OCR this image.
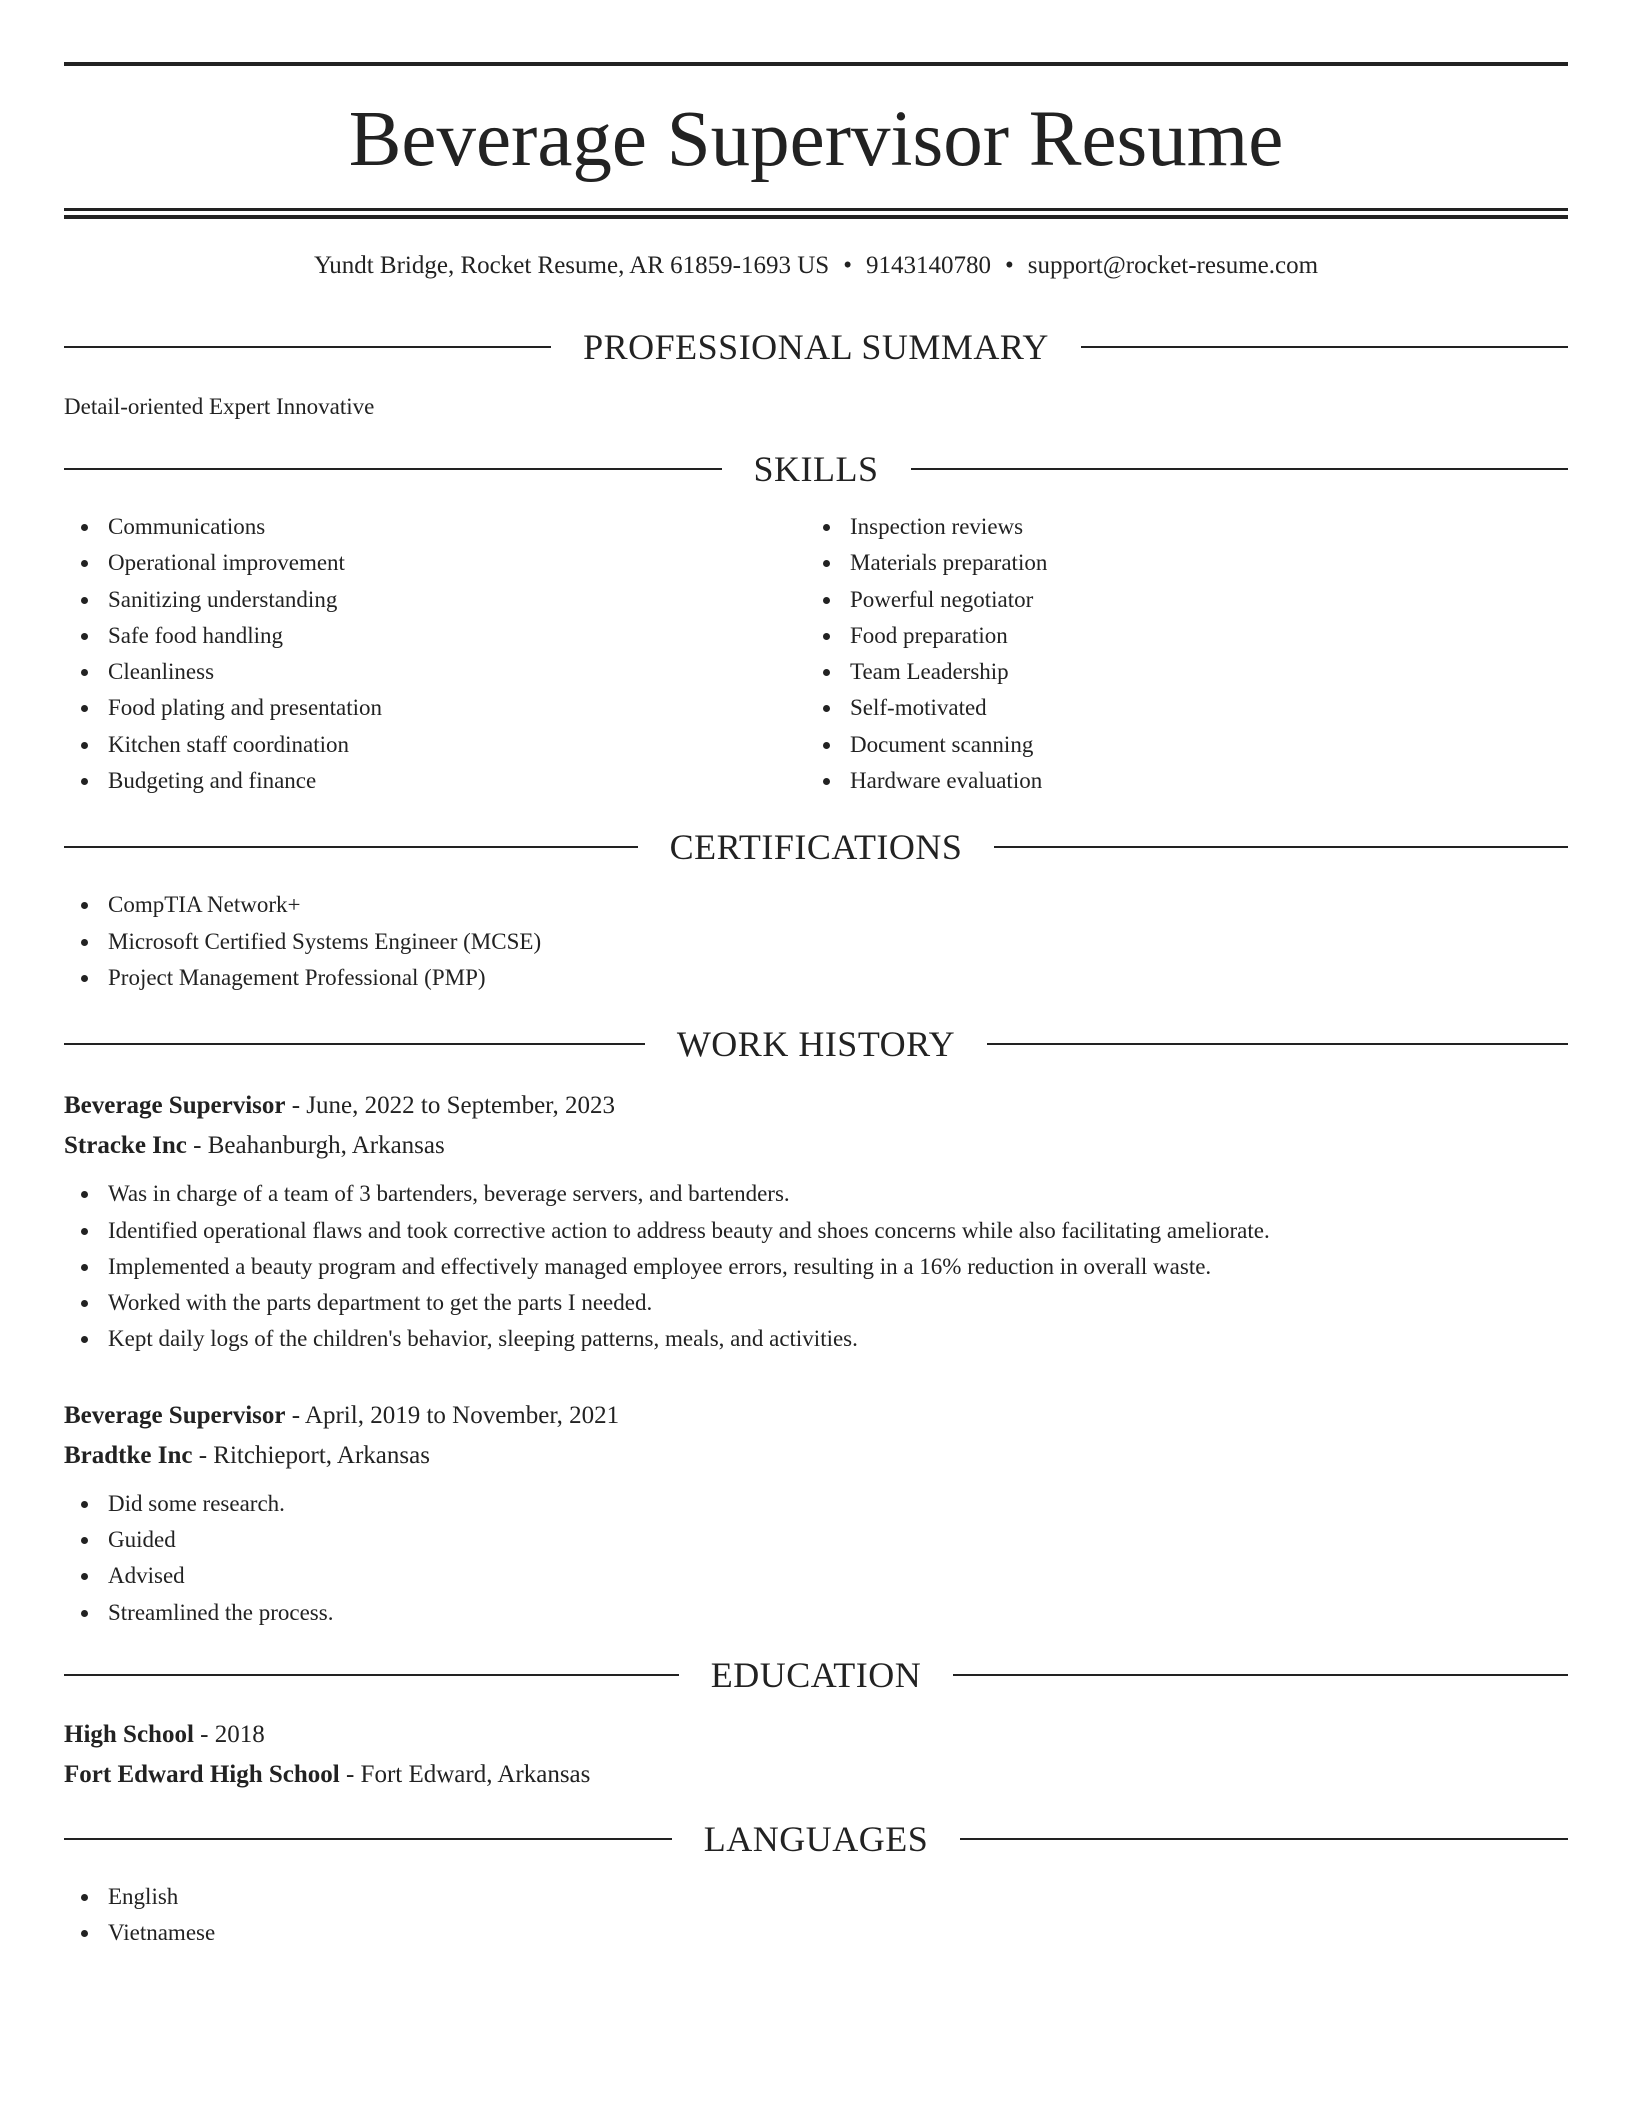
Beverage Supervisor Resume
Yundt Bridge, Rocket Resume, AR 61859-1693 US • 9143140780 • support@rocket-resume.com
PROFESSIONAL SUMMARY
Detail-oriented Expert Innovative
SKILLS
Communications
Operational improvement
Sanitizing understanding
Safe food handling
Cleanliness
Food plating and presentation
Kitchen staff coordination
Budgeting and finance
Inspection reviews
Materials preparation
Powerful negotiator
Food preparation
Team Leadership
Self-motivated
Document scanning
Hardware evaluation
CERTIFICATIONS
CompTIA Network+
Microsoft Certified Systems Engineer (MCSE)
Project Management Professional (PMP)
WORK HISTORY
Beverage Supervisor - June, 2022 to September, 2023
Stracke Inc - Beahanburgh, Arkansas
Was in charge of a team of 3 bartenders, beverage servers, and bartenders.
Identified operational flaws and took corrective action to address beauty and shoes concerns while also facilitating ameliorate.
Implemented a beauty program and effectively managed employee errors, resulting in a 16% reduction in overall waste.
Worked with the parts department to get the parts I needed.
Kept daily logs of the children's behavior, sleeping patterns, meals, and activities.
Beverage Supervisor - April, 2019 to November, 2021
Bradtke Inc - Ritchieport, Arkansas
Did some research.
Guided
Advised
Streamlined the process.
EDUCATION
High School - 2018
Fort Edward High School - Fort Edward, Arkansas
LANGUAGES
English
Vietnamese
